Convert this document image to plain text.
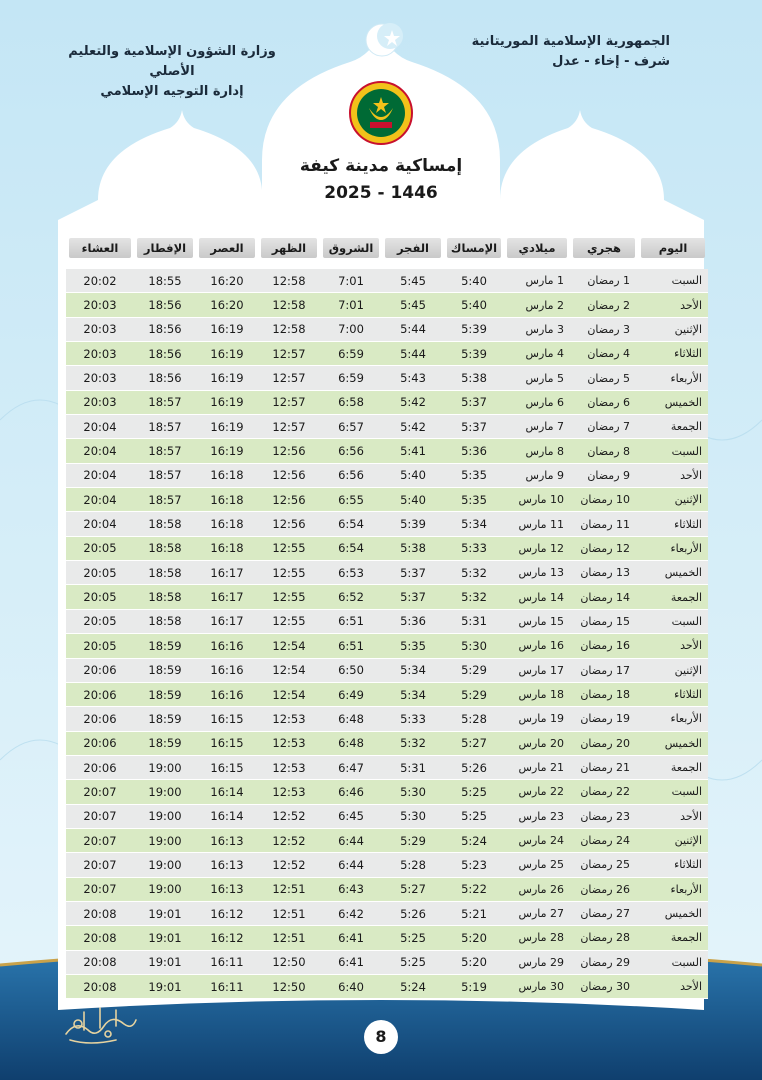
الجمهورية الإسلامية الموريتانية
شرف - إخاء - عدل
وزارة الشؤون الإسلامية والتعليم الأصلي
إدارة التوجيه الإسلامي
إمساكية مدينة كيفة
2025 - 1446
اليوم	هجري	ميلادي	الإمساك	الفجر	الشروق	الظهر	العصر	الإفطار	العشاء

السبت	1 رمضان	1 مارس	5:40	5:45	7:01	12:58	16:20	18:55	20:02
الأحد	2 رمضان	2 مارس	5:40	5:45	7:01	12:58	16:20	18:56	20:03
الإثنين	3 رمضان	3 مارس	5:39	5:44	7:00	12:58	16:19	18:56	20:03
الثلاثاء	4 رمضان	4 مارس	5:39	5:44	6:59	12:57	16:19	18:56	20:03
الأربعاء	5 رمضان	5 مارس	5:38	5:43	6:59	12:57	16:19	18:56	20:03
الخميس	6 رمضان	6 مارس	5:37	5:42	6:58	12:57	16:19	18:57	20:03
الجمعة	7 رمضان	7 مارس	5:37	5:42	6:57	12:57	16:19	18:57	20:04
السبت	8 رمضان	8 مارس	5:36	5:41	6:56	12:56	16:19	18:57	20:04
الأحد	9 رمضان	9 مارس	5:35	5:40	6:56	12:56	16:18	18:57	20:04
الإثنين	10 رمضان	10 مارس	5:35	5:40	6:55	12:56	16:18	18:57	20:04
الثلاثاء	11 رمضان	11 مارس	5:34	5:39	6:54	12:56	16:18	18:58	20:04
الأربعاء	12 رمضان	12 مارس	5:33	5:38	6:54	12:55	16:18	18:58	20:05
الخميس	13 رمضان	13 مارس	5:32	5:37	6:53	12:55	16:17	18:58	20:05
الجمعة	14 رمضان	14 مارس	5:32	5:37	6:52	12:55	16:17	18:58	20:05
السبت	15 رمضان	15 مارس	5:31	5:36	6:51	12:55	16:17	18:58	20:05
الأحد	16 رمضان	16 مارس	5:30	5:35	6:51	12:54	16:16	18:59	20:05
الإثنين	17 رمضان	17 مارس	5:29	5:34	6:50	12:54	16:16	18:59	20:06
الثلاثاء	18 رمضان	18 مارس	5:29	5:34	6:49	12:54	16:16	18:59	20:06
الأربعاء	19 رمضان	19 مارس	5:28	5:33	6:48	12:53	16:15	18:59	20:06
الخميس	20 رمضان	20 مارس	5:27	5:32	6:48	12:53	16:15	18:59	20:06
الجمعة	21 رمضان	21 مارس	5:26	5:31	6:47	12:53	16:15	19:00	20:06
السبت	22 رمضان	22 مارس	5:25	5:30	6:46	12:53	16:14	19:00	20:07
الأحد	23 رمضان	23 مارس	5:25	5:30	6:45	12:52	16:14	19:00	20:07
الإثنين	24 رمضان	24 مارس	5:24	5:29	6:44	12:52	16:13	19:00	20:07
الثلاثاء	25 رمضان	25 مارس	5:23	5:28	6:44	12:52	16:13	19:00	20:07
الأربعاء	26 رمضان	26 مارس	5:22	5:27	6:43	12:51	16:13	19:00	20:07
الخميس	27 رمضان	27 مارس	5:21	5:26	6:42	12:51	16:12	19:01	20:08
الجمعة	28 رمضان	28 مارس	5:20	5:25	6:41	12:51	16:12	19:01	20:08
السبت	29 رمضان	29 مارس	5:20	5:25	6:41	12:50	16:11	19:01	20:08
الأحد	30 رمضان	30 مارس	5:19	5:24	6:40	12:50	16:11	19:01	20:08
8
